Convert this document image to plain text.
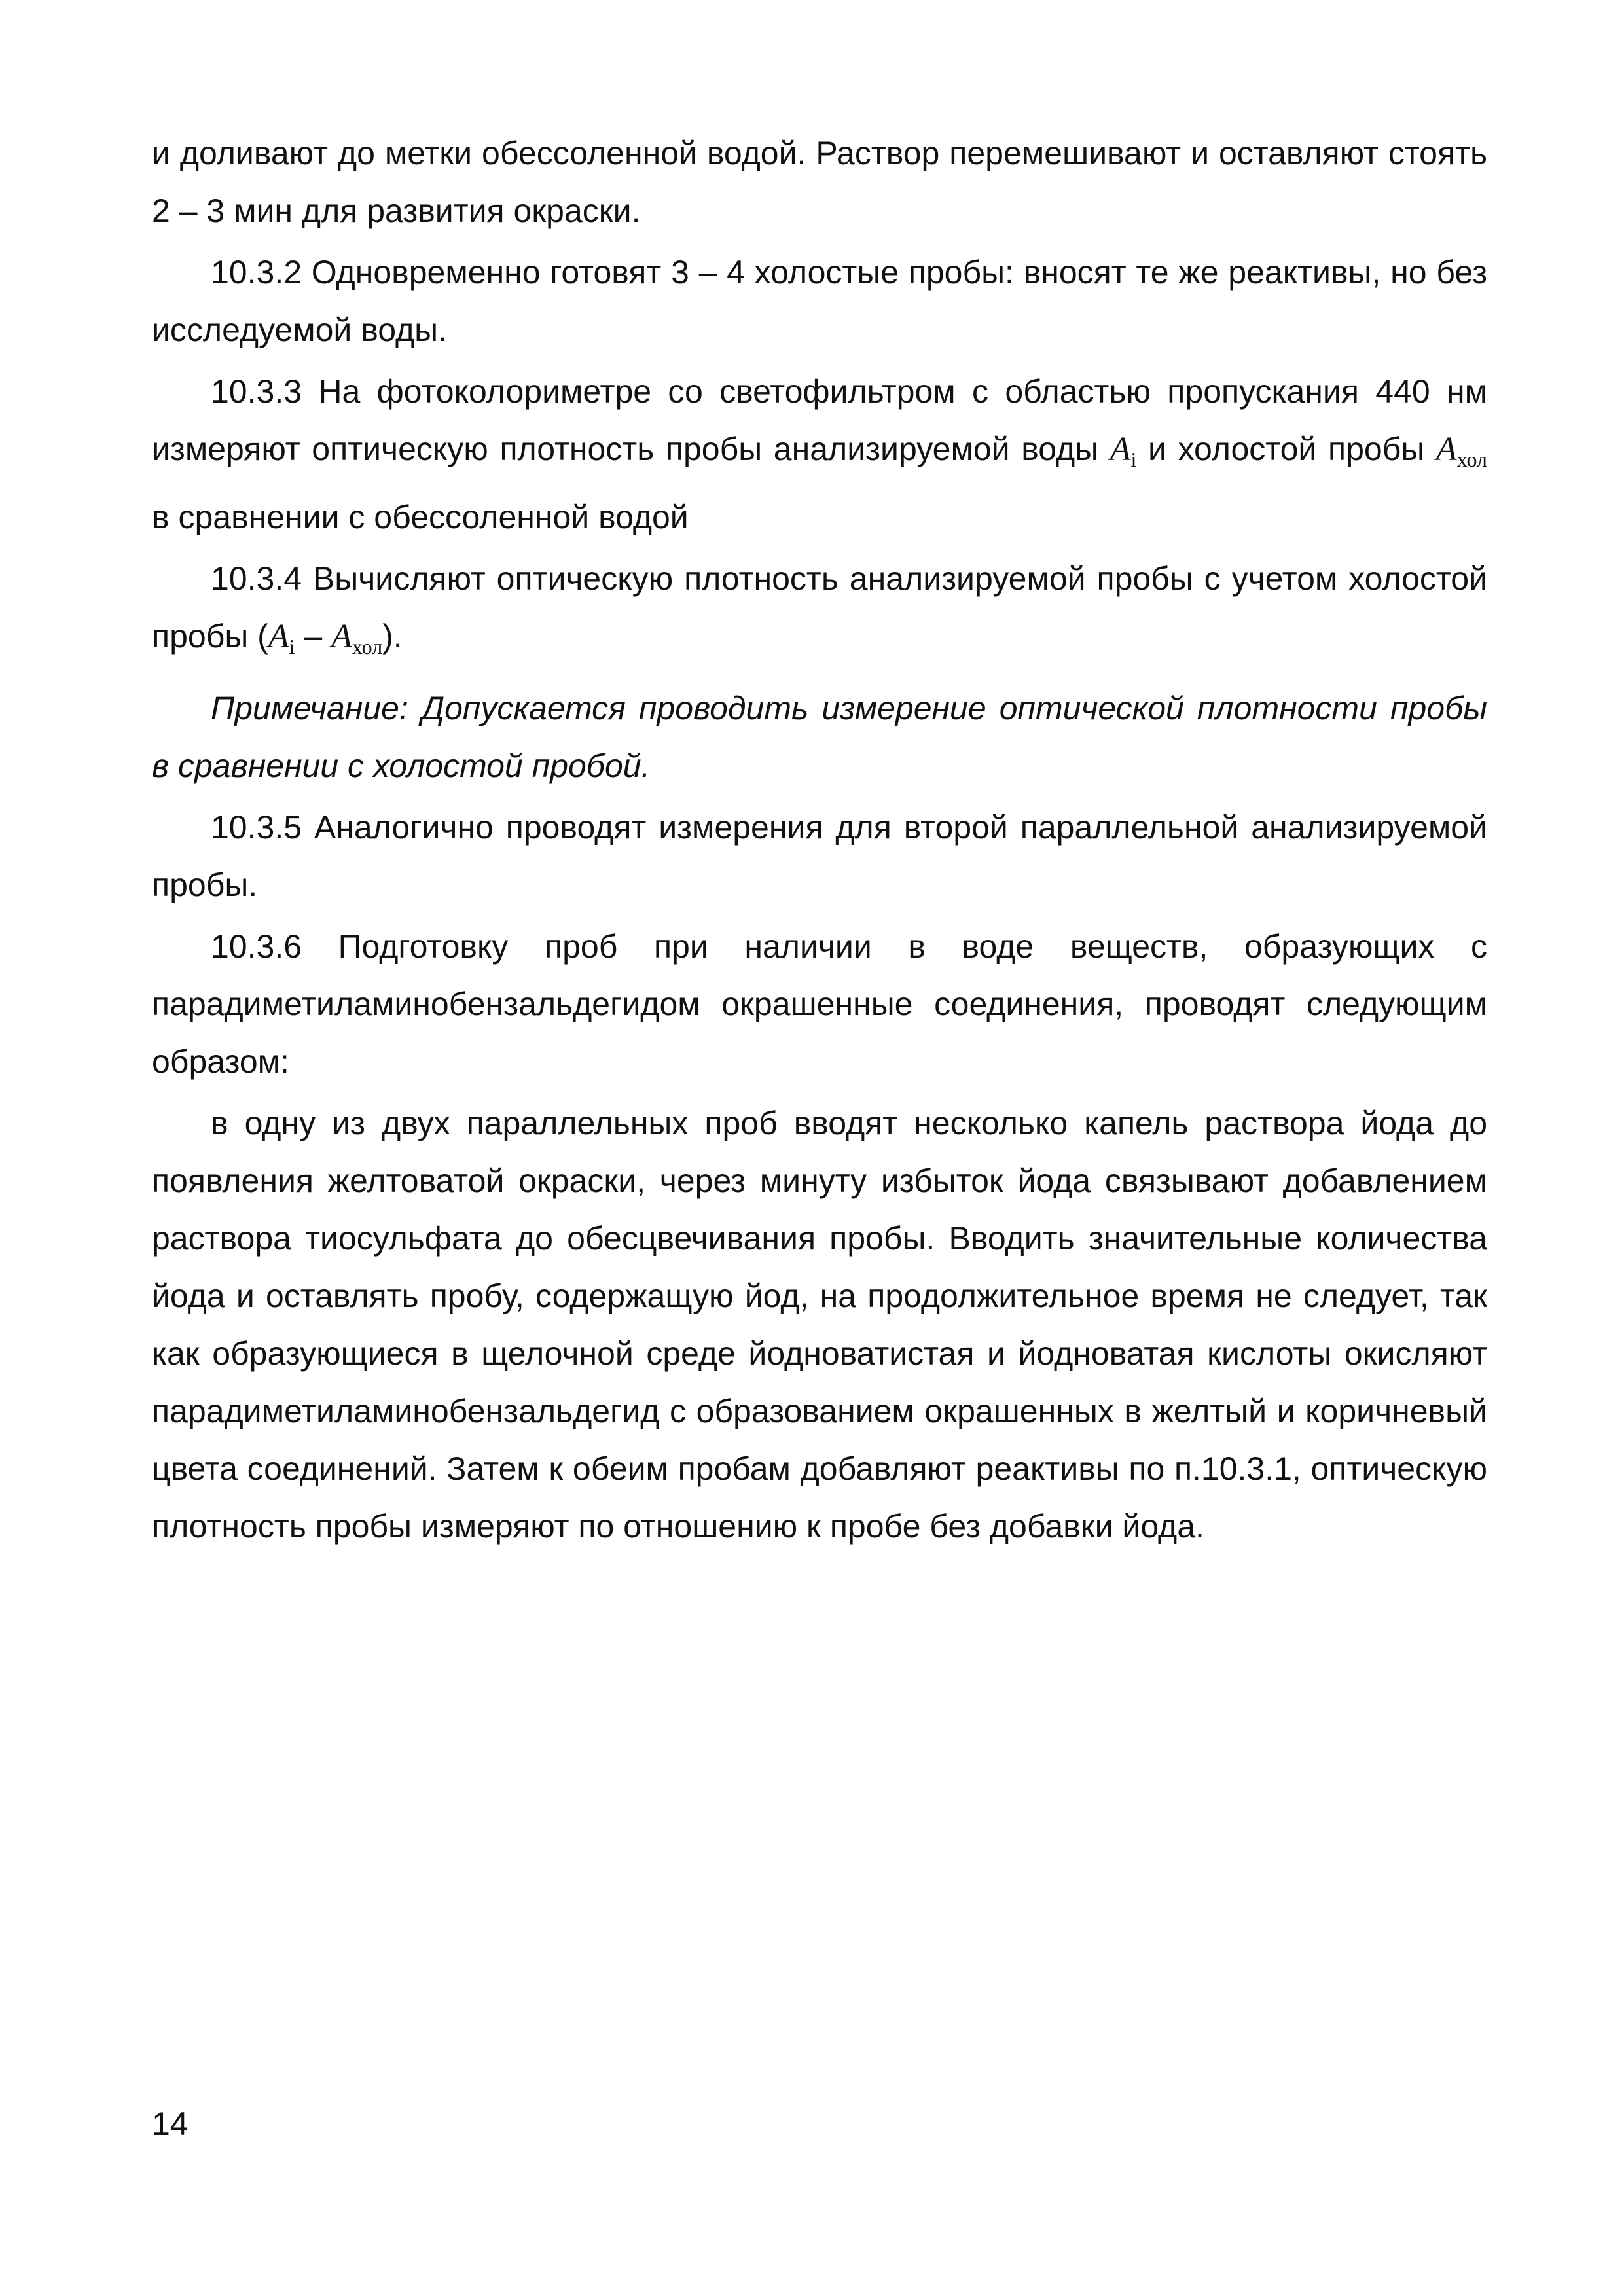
и доливают до метки обессоленной водой. Раствор перемешивают и оставляют стоять 2 – 3 мин для развития окраски.

10.3.2 Одновременно готовят 3 – 4 холостые пробы: вносят те же реактивы, но без исследуемой воды.

10.3.3 На фотоколориметре со светофильтром с областью пропускания 440 нм измеряют оптическую плотность пробы анализируемой воды $A_i$ и холостой пробы $A_{хол}$ в сравнении с обессоленной водой

10.3.4 Вычисляют оптическую плотность анализируемой пробы с учетом холостой пробы $(A_i - A_{хол})$.

Примечание: Допускается проводить измерение оптической плотности пробы в сравнении с холостой пробой.

10.3.5 Аналогично проводят измерения для второй параллельной анализируемой пробы.

10.3.6 Подготовку проб при наличии в воде веществ, образующих с парадиметиламинобензальдегидом окрашенные соединения, проводят следующим образом:

в одну из двух параллельных проб вводят несколько капель раствора йода до появления желтоватой окраски, через минуту избыток йода связывают добавлением раствора тиосульфата до обесцвечивания пробы. Вводить значительные количества йода и оставлять пробу, содержащую йод, на продолжительное время не следует, так как образующиеся в щелочной среде йодноватистая и йодноватая кислоты окисляют парадиметиламинобензальдегид с образованием окрашенных в желтый и коричневый цвета соединений. Затем к обеим пробам добавляют реактивы по п.10.3.1, оптическую плотность пробы измеряют по отношению к пробе без добавки йода.

14
